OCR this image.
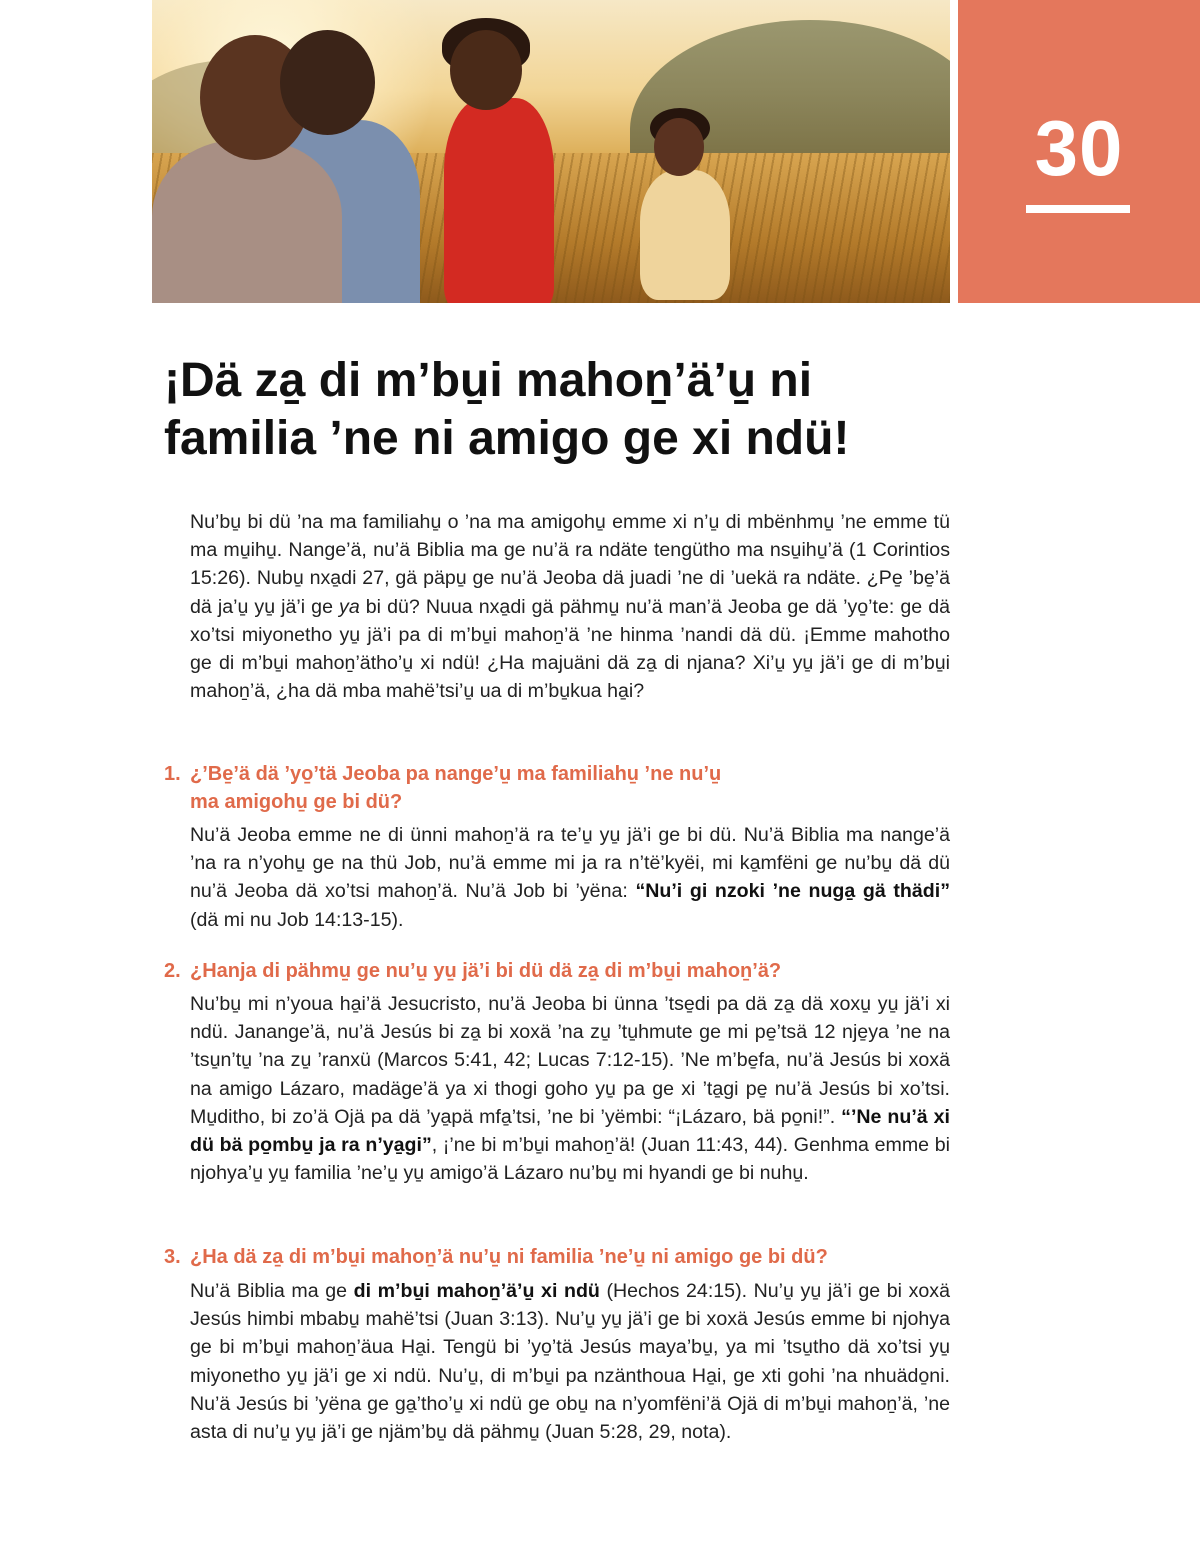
30
¡Dä za̱ di m’bu̱i mahoṉ’ä’u̱ ni
familia ’ne ni amigo ge xi ndü!

Nu’bu̱ bi dü ’na ma familiahu̱ o ’na ma amigohu̱ emme xi n’u̱ di mbënhmu̱ ’ne emme tü ma mu̱ihu̱. Nange’ä, nu’ä Biblia ma ge nu’ä ra ndäte tengütho ma nsu̱ihu̱’ä (1 Corintios 15:26). Nubu̱ nxa̱di 27, gä päpu̱ ge nu’ä Jeoba dä juadi ’ne di ’uekä ra ndäte. ¿Pe̱ ’be̱’ä dä ja’u̱ yu̱ jä’i ge ya bi dü? Nuua nxa̱di gä pähmu̱ nu’ä man’ä Jeoba ge dä ’yo̱’te: ge dä xo’tsi miyonetho yu̱ jä’i pa di m’bu̱i mahoṉ’ä ’ne hinma ’nandi dä dü. ¡Emme mahotho ge di m’bu̱i mahoṉ’ätho’u̱ xi ndü! ¿Ha majuäni dä za̱ di njana? Xi’u̱ yu̱ jä’i ge di m’bu̱i mahoṉ’ä, ¿ha dä mba mahë’tsi’u̱ ua di m’bu̱kua ha̱i?

1. ¿’Be̱’ä dä ’yo̱’tä Jeoba pa nange’u̱ ma familiahu̱ ’ne nu’u̱
ma amigohu̱ ge bi dü?

Nu’ä Jeoba emme ne di ünni mahoṉ’ä ra te’u̱ yu̱ jä’i ge bi dü. Nu’ä Biblia ma nange’ä ’na ra n’yohu̱ ge na thü Job, nu’ä emme mi ja ra n’të’kyëi, mi ka̱mfëni ge nu’bu̱ dä dü nu’ä Jeoba dä xo’tsi mahoṉ’ä. Nu’ä Job bi ’yëna: “Nu’i gi nzoki ’ne nuga̱ gä thädi” (dä mi nu Job 14:13-15).

2. ¿Hanja di pähmu̱ ge nu’u̱ yu̱ jä’i bi dü dä za̱ di m’bu̱i mahoṉ’ä?

Nu’bu̱ mi n’youa ha̱i’ä Jesucristo, nu’ä Jeoba bi ünna ’tse̱di pa dä za̱ dä xoxu̱ yu̱ jä’i xi ndü. Janange’ä, nu’ä Jesús bi za̱ bi xoxä ’na zu̱ ’tu̱hmute ge mi pe̱’tsä 12 nje̱ya ’ne na ’tsu̱n’tu̱ ’na zu̱ ’ranxü (Marcos 5:41, 42; Lucas 7:12-15). ’Ne m’be̱fa, nu’ä Jesús bi xoxä na amigo Lázaro, madäge’ä ya xi thogi goho yu̱ pa ge xi ’ta̱gi pe̱ nu’ä Jesús bi xo’tsi. Mu̱ditho, bi zo’ä Ojä pa dä ’ya̱pä mfa̱’tsi, ’ne bi ’yëmbi: “¡Lázaro, bä po̱ni!”. “’Ne nu’ä xi dü bä po̱mbu̱ ja ra n’ya̱gi”, ¡’ne bi m’bu̱i mahoṉ’ä! (Juan 11:43, 44). Genhma emme bi njohya’u̱ yu̱ familia ’ne’u̱ yu̱ amigo’ä Lázaro nu’bu̱ mi hyandi ge bi nuhu̱.

3. ¿Ha dä za̱ di m’bu̱i mahoṉ’ä nu’u̱ ni familia ’ne’u̱ ni amigo ge bi dü?

Nu’ä Biblia ma ge di m’bu̱i mahoṉ’ä’u̱ xi ndü (Hechos 24:15). Nu’u̱ yu̱ jä’i ge bi xoxä Jesús himbi mbabu̱ mahë’tsi (Juan 3:13). Nu’u̱ yu̱ jä’i ge bi xoxä Jesús emme bi njohya ge bi m’bu̱i mahoṉ’äua Ha̱i. Tengü bi ’yo̱’tä Jesús maya’bu̱, ya mi ’tsu̱tho dä xo’tsi yu̱ miyonetho yu̱ jä’i ge xi ndü. Nu’u̱, di m’bu̱i pa nzänthoua Ha̱i, ge xti gohi ’na nhuädo̱ni. Nu’ä Jesús bi ’yëna ge ga̱’tho’u̱ xi ndü ge obu̱ na n’yomfëni’ä Ojä di m’bu̱i mahoṉ’ä, ’ne asta di nu’u̱ yu̱ jä’i ge njäm’bu̱ dä pähmu̱ (Juan 5:28, 29, nota).
